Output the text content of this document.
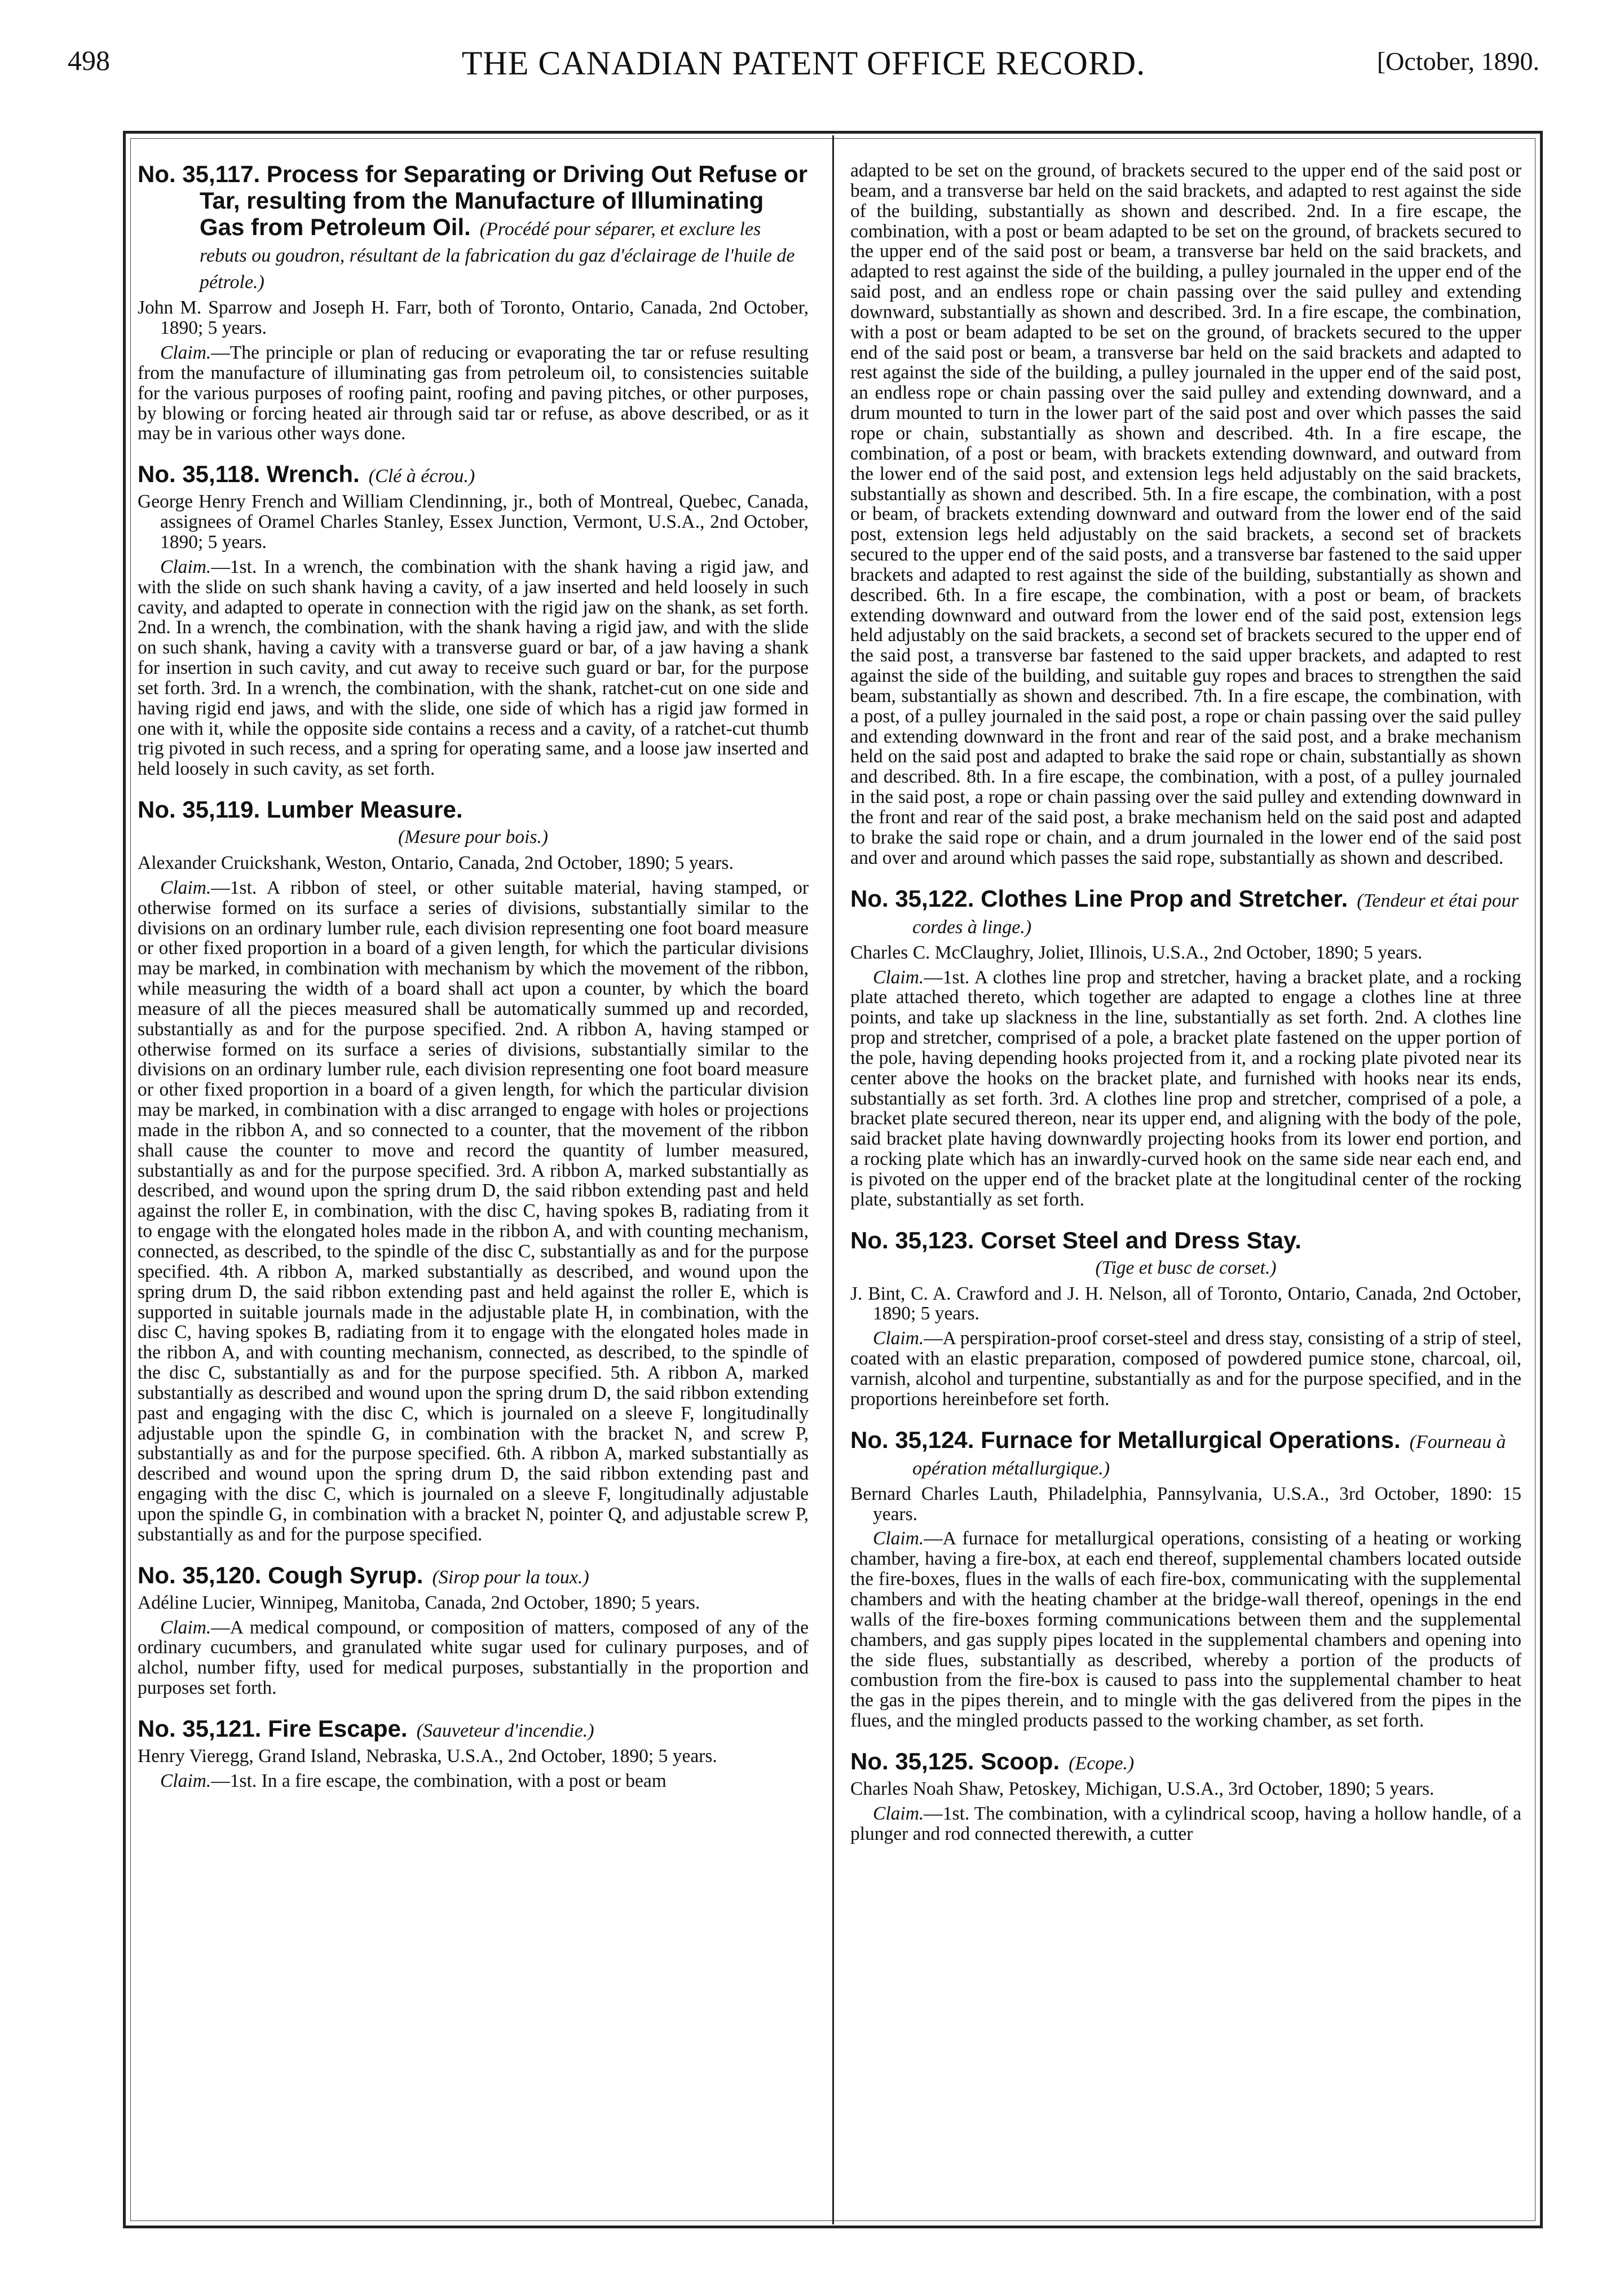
498	THE CANADIAN PATENT OFFICE RECORD.	[October, 1890.
No. 35,117. Process for Separating or Driving Out Refuse or Tar, resulting from the Manufacture of Illuminating Gas from Petroleum Oil. (Procédé pour séparer, et exclure les rebuts ou goudron, résultant de la fabrication du gaz d'éclairage de l'huile de pétrole.)

John M. Sparrow and Joseph H. Farr, both of Toronto, Ontario, Canada, 2nd October, 1890; 5 years.

Claim.—The principle or plan of reducing or evaporating the tar or refuse resulting from the manufacture of illuminating gas from petroleum oil, to consistencies suitable for the various purposes of roofing paint, roofing and paving pitches, or other purposes, by blowing or forcing heated air through said tar or refuse, as above described, or as it may be in various other ways done.

No. 35,118. Wrench. (Clé à écrou.)

George Henry French and William Clendinning, jr., both of Montreal, Quebec, Canada, assignees of Oramel Charles Stanley, Essex Junction, Vermont, U.S.A., 2nd October, 1890; 5 years.

Claim.—1st. In a wrench, the combination with the shank having a rigid jaw, and with the slide on such shank having a cavity, of a jaw inserted and held loosely in such cavity, and adapted to operate in connection with the rigid jaw on the shank, as set forth. 2nd. In a wrench, the combination, with the shank having a rigid jaw, and with the slide on such shank, having a cavity with a transverse guard or bar, of a jaw having a shank for insertion in such cavity, and cut away to receive such guard or bar, for the purpose set forth. 3rd. In a wrench, the combination, with the shank, ratchet-cut on one side and having rigid end jaws, and with the slide, one side of which has a rigid jaw formed in one with it, while the opposite side contains a recess and a cavity, of a ratchet-cut thumb trig pivoted in such recess, and a spring for operating same, and a loose jaw inserted and held loosely in such cavity, as set forth.

No. 35,119. Lumber Measure.

(Mesure pour bois.)

Alexander Cruickshank, Weston, Ontario, Canada, 2nd October, 1890; 5 years.

Claim.—1st. A ribbon of steel, or other suitable material, having stamped, or otherwise formed on its surface a series of divisions, substantially similar to the divisions on an ordinary lumber rule, each division representing one foot board measure or other fixed proportion in a board of a given length, for which the particular divisions may be marked, in combination with mechanism by which the movement of the ribbon, while measuring the width of a board shall act upon a counter, by which the board measure of all the pieces measured shall be automatically summed up and recorded, substantially as and for the purpose specified. 2nd. A ribbon A, having stamped or otherwise formed on its surface a series of divisions, substantially similar to the divisions on an ordinary lumber rule, each division representing one foot board measure or other fixed proportion in a board of a given length, for which the particular division may be marked, in combination with a disc arranged to engage with holes or projections made in the ribbon A, and so connected to a counter, that the movement of the ribbon shall cause the counter to move and record the quantity of lumber measured, substantially as and for the purpose specified. 3rd. A ribbon A, marked substantially as described, and wound upon the spring drum D, the said ribbon extending past and held against the roller E, in combination, with the disc C, having spokes B, radiating from it to engage with the elongated holes made in the ribbon A, and with counting mechanism, connected, as described, to the spindle of the disc C, substantially as and for the purpose specified. 4th. A ribbon A, marked substantially as described, and wound upon the spring drum D, the said ribbon extending past and held against the roller E, which is supported in suitable journals made in the adjustable plate H, in combination, with the disc C, having spokes B, radiating from it to engage with the elongated holes made in the ribbon A, and with counting mechanism, connected, as described, to the spindle of the disc C, substantially as and for the purpose specified. 5th. A ribbon A, marked substantially as described and wound upon the spring drum D, the said ribbon extending past and engaging with the disc C, which is journaled on a sleeve F, longitudinally adjustable upon the spindle G, in combination with the bracket N, and screw P, substantially as and for the purpose specified. 6th. A ribbon A, marked substantially as described and wound upon the spring drum D, the said ribbon extending past and engaging with the disc C, which is journaled on a sleeve F, longitudinally adjustable upon the spindle G, in combination with a bracket N, pointer Q, and adjustable screw P, substantially as and for the purpose specified.

No. 35,120. Cough Syrup. (Sirop pour la toux.)

Adéline Lucier, Winnipeg, Manitoba, Canada, 2nd October, 1890; 5 years.

Claim.—A medical compound, or composition of matters, composed of any of the ordinary cucumbers, and granulated white sugar used for culinary purposes, and of alchol, number fifty, used for medical purposes, substantially in the proportion and purposes set forth.

No. 35,121. Fire Escape. (Sauveteur d'incendie.)

Henry Vieregg, Grand Island, Nebraska, U.S.A., 2nd October, 1890; 5 years.

Claim.—1st. In a fire escape, the combination, with a post or beam

adapted to be set on the ground, of brackets secured to the upper end of the said post or beam, and a transverse bar held on the said brackets, and adapted to rest against the side of the building, substantially as shown and described. 2nd. In a fire escape, the combination, with a post or beam adapted to be set on the ground, of brackets secured to the upper end of the said post or beam, a transverse bar held on the said brackets, and adapted to rest against the side of the building, a pulley journaled in the upper end of the said post, and an endless rope or chain passing over the said pulley and extending downward, substantially as shown and described. 3rd. In a fire escape, the combination, with a post or beam adapted to be set on the ground, of brackets secured to the upper end of the said post or beam, a transverse bar held on the said brackets and adapted to rest against the side of the building, a pulley journaled in the upper end of the said post, an endless rope or chain passing over the said pulley and extending downward, and a drum mounted to turn in the lower part of the said post and over which passes the said rope or chain, substantially as shown and described. 4th. In a fire escape, the combination, of a post or beam, with brackets extending downward, and outward from the lower end of the said post, and extension legs held adjustably on the said brackets, substantially as shown and described. 5th. In a fire escape, the combination, with a post or beam, of brackets extending downward and outward from the lower end of the said post, extension legs held adjustably on the said brackets, a second set of brackets secured to the upper end of the said posts, and a transverse bar fastened to the said upper brackets and adapted to rest against the side of the building, substantially as shown and described. 6th. In a fire escape, the combination, with a post or beam, of brackets extending downward and outward from the lower end of the said post, extension legs held adjustably on the said brackets, a second set of brackets secured to the upper end of the said post, a transverse bar fastened to the said upper brackets, and adapted to rest against the side of the building, and suitable guy ropes and braces to strengthen the said beam, substantially as shown and described. 7th. In a fire escape, the combination, with a post, of a pulley journaled in the said post, a rope or chain passing over the said pulley and extending downward in the front and rear of the said post, and a brake mechanism held on the said post and adapted to brake the said rope or chain, substantially as shown and described. 8th. In a fire escape, the combination, with a post, of a pulley journaled in the said post, a rope or chain passing over the said pulley and extending downward in the front and rear of the said post, a brake mechanism held on the said post and adapted to brake the said rope or chain, and a drum journaled in the lower end of the said post and over and around which passes the said rope, substantially as shown and described.

No. 35,122. Clothes Line Prop and Stretcher. (Tendeur et étai pour cordes à linge.)

Charles C. McClaughry, Joliet, Illinois, U.S.A., 2nd October, 1890; 5 years.

Claim.—1st. A clothes line prop and stretcher, having a bracket plate, and a rocking plate attached thereto, which together are adapted to engage a clothes line at three points, and take up slackness in the line, substantially as set forth. 2nd. A clothes line prop and stretcher, comprised of a pole, a bracket plate fastened on the upper portion of the pole, having depending hooks projected from it, and a rocking plate pivoted near its center above the hooks on the bracket plate, and furnished with hooks near its ends, substantially as set forth. 3rd. A clothes line prop and stretcher, comprised of a pole, a bracket plate secured thereon, near its upper end, and aligning with the body of the pole, said bracket plate having downwardly projecting hooks from its lower end portion, and a rocking plate which has an inwardly-curved hook on the same side near each end, and is pivoted on the upper end of the bracket plate at the longitudinal center of the rocking plate, substantially as set forth.

No. 35,123. Corset Steel and Dress Stay.

(Tige et busc de corset.)

J. Bint, C. A. Crawford and J. H. Nelson, all of Toronto, Ontario, Canada, 2nd October, 1890; 5 years.

Claim.—A perspiration-proof corset-steel and dress stay, consisting of a strip of steel, coated with an elastic preparation, composed of powdered pumice stone, charcoal, oil, varnish, alcohol and turpentine, substantially as and for the purpose specified, and in the proportions hereinbefore set forth.

No. 35,124. Furnace for Metallurgical Operations. (Fourneau à opération métallurgique.)

Bernard Charles Lauth, Philadelphia, Pannsylvania, U.S.A., 3rd October, 1890: 15 years.

Claim.—A furnace for metallurgical operations, consisting of a heating or working chamber, having a fire-box, at each end thereof, supplemental chambers located outside the fire-boxes, flues in the walls of each fire-box, communicating with the supplemental chambers and with the heating chamber at the bridge-wall thereof, openings in the end walls of the fire-boxes forming communications between them and the supplemental chambers, and gas supply pipes located in the supplemental chambers and opening into the side flues, substantially as described, whereby a portion of the products of combustion from the fire-box is caused to pass into the supplemental chamber to heat the gas in the pipes therein, and to mingle with the gas delivered from the pipes in the flues, and the mingled products passed to the working chamber, as set forth.

No. 35,125. Scoop. (Ecope.)

Charles Noah Shaw, Petoskey, Michigan, U.S.A., 3rd October, 1890; 5 years.

Claim.—1st. The combination, with a cylindrical scoop, having a hollow handle, of a plunger and rod connected therewith, a cutter
